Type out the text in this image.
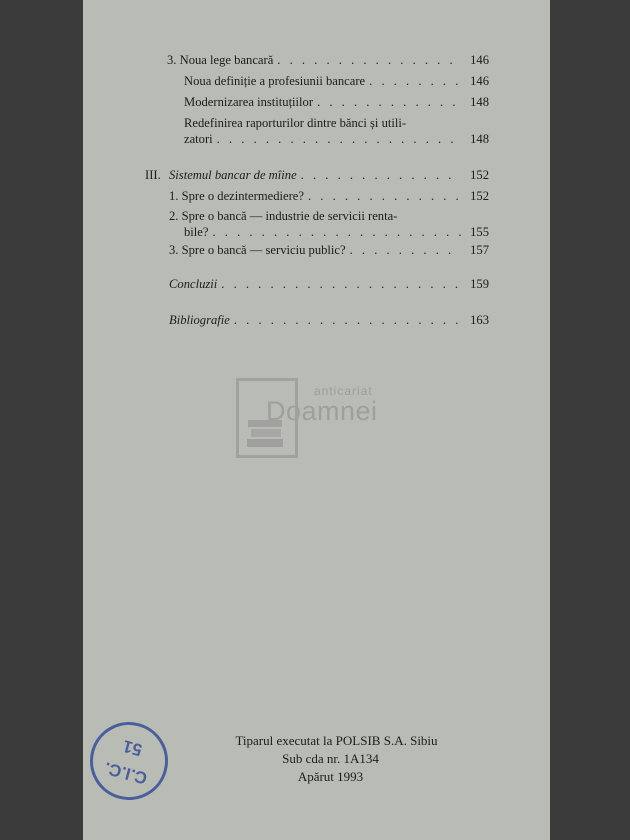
3. Noua lege bancară . . .	146
Noua definiție a profesiunii bancare . . .	146
Modernizarea instituțiilor . . .	148
Redefinirea raporturilor dintre bănci și utili-
zatori . . .	148
III. Sistemul bancar de mîine . . .	152
1. Spre o dezintermediere? . . .	152
2. Spre o bancă — industrie de servicii renta-
bile? . . .	155
3. Spre o bancă — serviciu public? . . .	157
Concluzii . . .	159
Bibliografie . . .	163
anticariat
Doamnei
Tiparul executat la POLSIB S.A. Sibiu
Sub cda nr. 1A134
Apărut 1993
C.I.C.
51
